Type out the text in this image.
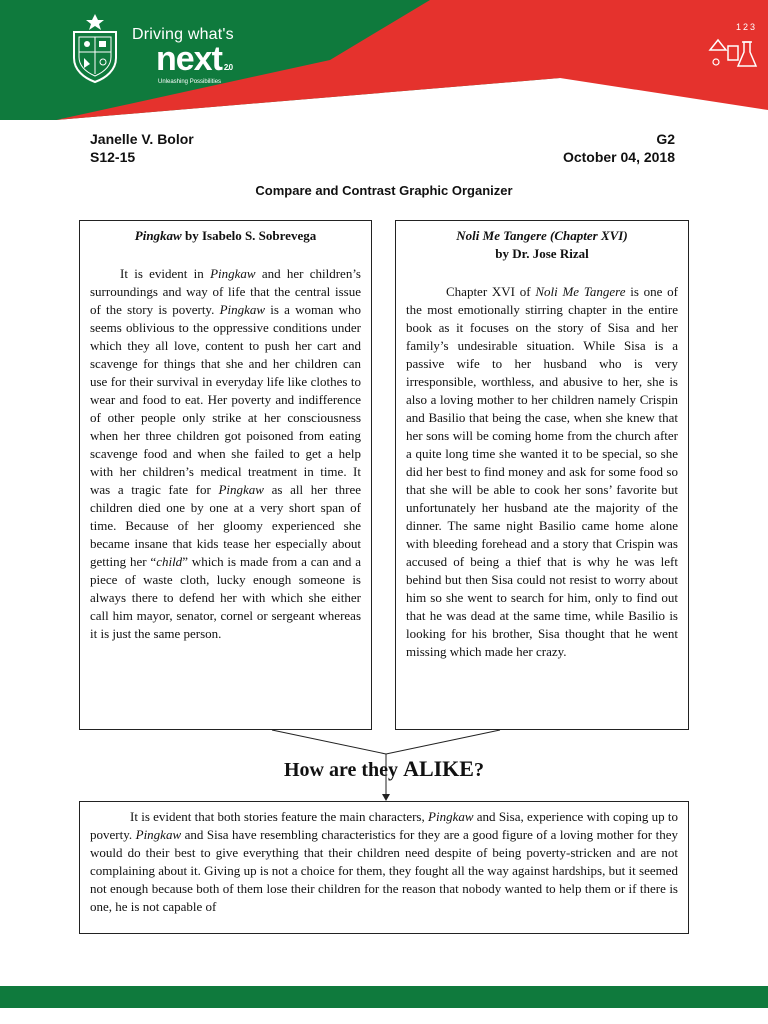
Driving what's
next 2.0
Unleashing Possibilities
123
Janelle V. Bolor
S12-15
G2
October 04, 2018
Compare and Contrast Graphic Organizer
Pingkaw by Isabelo S. Sobrevega

It is evident in Pingkaw and her children’s surroundings and way of life that the central issue of the story is poverty. Pingkaw is a woman who seems oblivious to the oppressive conditions under which they all love, content to push her cart and scavenge for things that she and her children can use for their survival in everyday life like clothes to wear and food to eat. Her poverty and indifference of other people only strike at her consciousness when her three children got poisoned from eating scavenge food and when she failed to get a help with her children’s medical treatment in time. It was a tragic fate for Pingkaw as all her three children died one by one at a very short span of time. Because of her gloomy experienced she became insane that kids tease her especially about getting her “child” which is made from a can and a piece of waste cloth, lucky enough someone is always there to defend her with which she either call him mayor, senator, cornel or sergeant whereas it is just the same person.

Noli Me Tangere (Chapter XVI)
by Dr. Jose Rizal

Chapter XVI of Noli Me Tangere is one of the most emotionally stirring chapter in the entire book as it focuses on the story of Sisa and her family’s undesirable situation. While Sisa is a passive wife to her husband who is very irresponsible, worthless, and abusive to her, she is also a loving mother to her children namely Crispin and Basilio that being the case, when she knew that her sons will be coming home from the church after a quite long time she wanted it to be special, so she did her best to find money and ask for some food so that she will be able to cook her sons’ favorite but unfortunately her husband ate the majority of the dinner. The same night Basilio came home alone with bleeding forehead and a story that Crispin was accused of being a thief that is why he was left behind but then Sisa could not resist to worry about him so she went to search for him, only to find out that he was dead at the same time, while Basilio is looking for his brother, Sisa thought that he went missing which made her crazy.

How are they ALIKE?

It is evident that both stories feature the main characters, Pingkaw and Sisa, experience with coping up to poverty. Pingkaw and Sisa have resembling characteristics for they are a good figure of a loving mother for they would do their best to give everything that their children need despite of being poverty-stricken and are not complaining about it. Giving up is not a choice for them, they fought all the way against hardships, but it seemed not enough because both of them lose their children for the reason that nobody wanted to help them or if there is one, he is not capable of
